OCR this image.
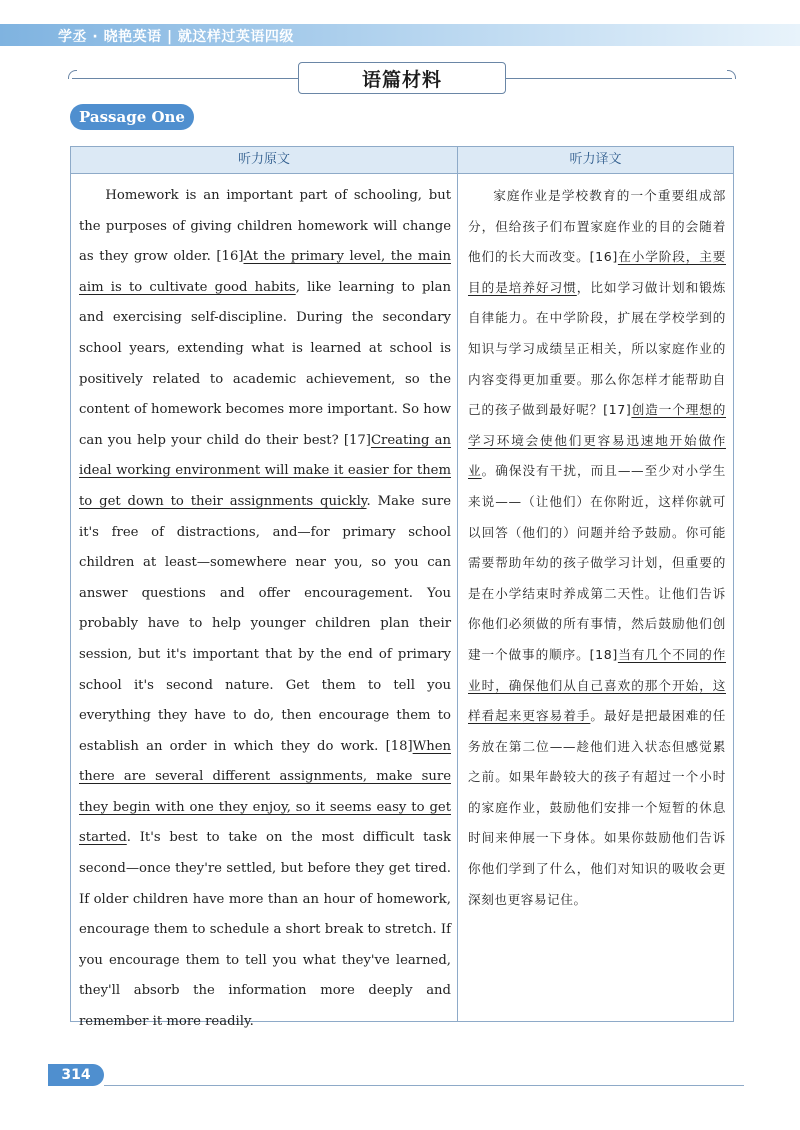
学丞 · 晓艳英语 | 就这样过英语四级
语篇材料
Passage One
听力原文	听力译文
Homework is an important part of schooling, but the purposes of giving children homework will change as they grow older. [16]At the primary level, the main aim is to cultivate good habits, like learning to plan and exercising self-discipline. During the secondary school years, extending what is learned at school is positively related to academic achievement, so the content of homework becomes more important. So how can you help your child do their best? [17]Creating an ideal working environment will make it easier for them to get down to their assignments quickly. Make sure it's free of distractions, and—for primary school children at least—somewhere near you, so you can answer questions and offer encouragement. You probably have to help younger children plan their session, but it's important that by the end of primary school it's second nature. Get them to tell you everything they have to do, then encourage them to establish an order in which they do work. [18]When there are several different assignments, make sure they begin with one they enjoy, so it seems easy to get started. It's best to take on the most difficult task second—once they're settled, but before they get tired. If older children have more than an hour of homework, encourage them to schedule a short break to stretch. If you encourage them to tell you what they've learned, they'll absorb the information more deeply and remember it more readily.
家庭作业是学校教育的一个重要组成部分，但给孩子们布置家庭作业的目的会随着他们的长大而改变。[16]在小学阶段，主要目的是培养好习惯，比如学习做计划和锻炼自律能力。在中学阶段，扩展在学校学到的知识与学习成绩呈正相关，所以家庭作业的内容变得更加重要。那么你怎样才能帮助自己的孩子做到最好呢？[17]创造一个理想的学习环境会使他们更容易迅速地开始做作业。确保没有干扰，而且——至少对小学生来说——（让他们）在你附近，这样你就可以回答（他们的）问题并给予鼓励。你可能需要帮助年幼的孩子做学习计划，但重要的是在小学结束时养成第二天性。让他们告诉你他们必须做的所有事情，然后鼓励他们创建一个做事的顺序。[18]当有几个不同的作业时，确保他们从自己喜欢的那个开始，这样看起来更容易着手。最好是把最困难的任务放在第二位——趁他们进入状态但感觉累之前。如果年龄较大的孩子有超过一个小时的家庭作业，鼓励他们安排一个短暂的休息时间来伸展一下身体。如果你鼓励他们告诉你他们学到了什么，他们对知识的吸收会更深刻也更容易记住。
314
